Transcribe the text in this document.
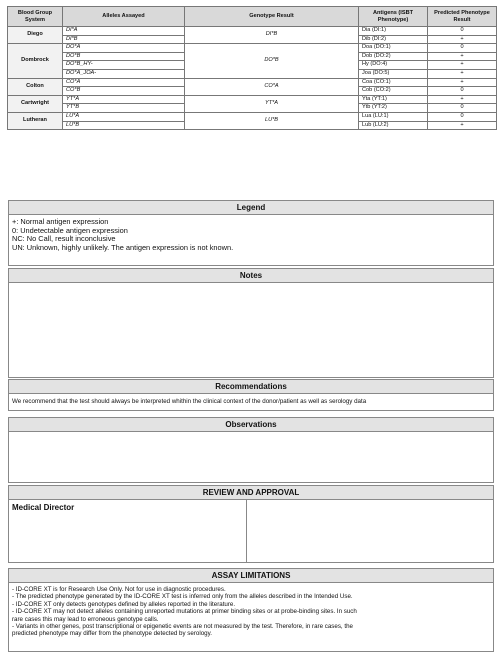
Blood Group System	Alleles Assayed	Genotype Result	Antigens (ISBT Phenotype)	Predicted Phenotype Result
Diego	DI*A	DI*B	Dia (DI:1)	0
	DI*B		Dib (DI:2)	+
Dombrock	DO*A	DO*B	Doa (DO:1)	0
	DO*B		Dob (DO:2)	+
	DO*B_HY-		Hy (DO:4)	+
	DO*A_JOA-		Joa (DO:5)	+
Colton	CO*A	CO*A	Coa (CO:1)	+
	CO*B		Cob (CO:2)	0
Cartwright	YT*A	YT*A	Yta (YT:1)	+
	YT*B		Ytb (YT:2)	0
Lutheran	LU*A	LU*B	Lua (LU:1)	0
	LU*B		Lub (LU:2)	+
Legend
+: Normal antigen expression
0: Undetectable antigen expression
NC: No Call, result inconclusive
UN: Unknown, highly unlikely. The antigen expression is not known.
Notes
Recommendations
We recommend that the test should always be interpreted whithin the clinical context of the donor/patient as well as serology data
Observations
REVIEW AND APPROVAL
Medical Director
ASSAY LIMITATIONS
- ID-CORE XT is for Research Use Only. Not for use in diagnostic procedures.
- The predicted phenotype generated by the ID-CORE XT test is inferred only from the alleles described in the Intended Use.
- ID-CORE XT only detects genotypes defined by alleles reported in the literature.
- ID-CORE XT may not detect alleles containing unreported mutations at primer binding sites or at probe-binding sites. In such
rare cases this may lead to erroneous genotype calls.
- Variants in other genes, post transcriptional or epigenetic events are not measured by the test. Therefore, in rare cases, the
predicted phenotype may differ from the phenotype detected by serology.
